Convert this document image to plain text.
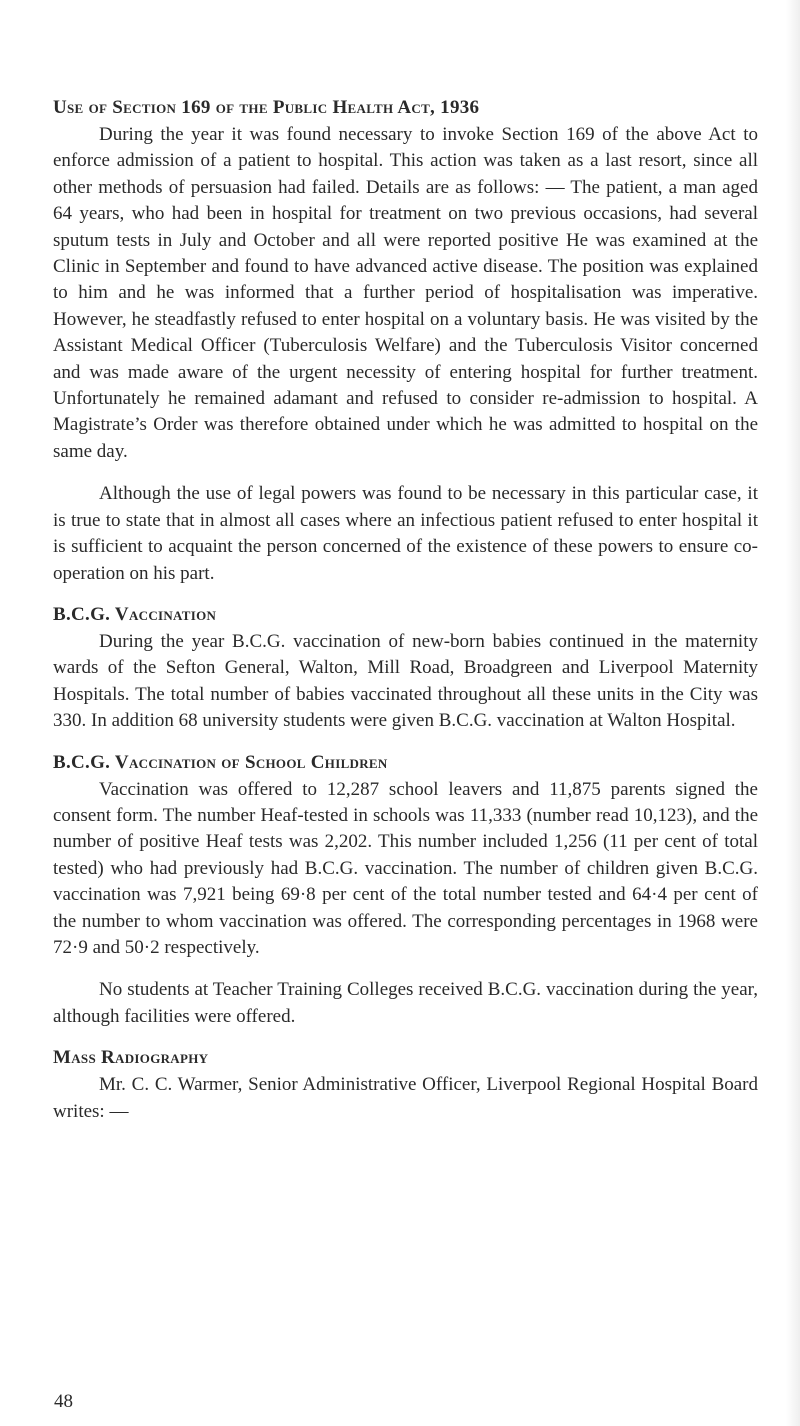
Use of Section 169 of the Public Health Act, 1936

During the year it was found necessary to invoke Section 169 of the above Act to enforce admission of a patient to hospital. This action was taken as a last resort, since all other methods of persuasion had failed. Details are as follows: — The patient, a man aged 64 years, who had been in hospital for treatment on two previous occasions, had several sputum tests in July and October and all were reported positive He was examined at the Clinic in September and found to have advanced active disease. The position was explained to him and he was informed that a further period of hospitalisation was imperative. However, he steadfastly refused to enter hospital on a voluntary basis. He was visited by the Assistant Medical Officer (Tuberculosis Welfare) and the Tuberculosis Visitor concerned and was made aware of the urgent necessity of entering hospital for further treatment. Unfortunately he remained adamant and refused to consider re-admission to hospital. A Magistrate’s Order was therefore obtained under which he was admitted to hospital on the same day.

Although the use of legal powers was found to be necessary in this particular case, it is true to state that in almost all cases where an infectious patient refused to enter hospital it is sufficient to acquaint the person concerned of the existence of these powers to ensure co-operation on his part.

B.C.G. Vaccination

During the year B.C.G. vaccination of new-born babies continued in the maternity wards of the Sefton General, Walton, Mill Road, Broadgreen and Liverpool Maternity Hospitals. The total number of babies vaccinated throughout all these units in the City was 330. In addition 68 university students were given B.C.G. vaccination at Walton Hospital.

B.C.G. Vaccination of School Children

Vaccination was offered to 12,287 school leavers and 11,875 parents signed the consent form. The number Heaf-tested in schools was 11,333 (number read 10,123), and the number of positive Heaf tests was 2,202. This number included 1,256 (11 per cent of total tested) who had previously had B.C.G. vaccination. The number of children given B.C.G. vaccination was 7,921 being 69·8 per cent of the total number tested and 64·4 per cent of the number to whom vaccination was offered. The corresponding percentages in 1968 were 72·9 and 50·2 respectively.

No students at Teacher Training Colleges received B.C.G. vaccination during the year, although facilities were offered.

Mass Radiography

Mr. C. C. Warmer, Senior Administrative Officer, Liverpool Regional Hospital Board writes: —

48
